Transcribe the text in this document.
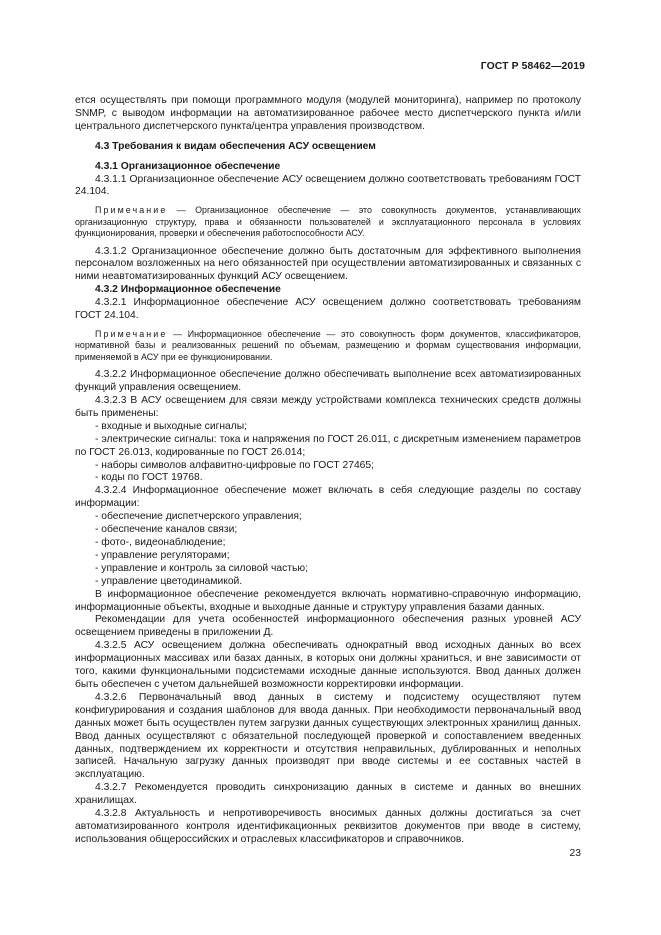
ГОСТ Р 58462—2019

ется осуществлять при помощи программного модуля (модулей мониторинга), например по протоколу SNMP, с выводом информации на автоматизированное рабочее место диспетчерского пункта и/или центрального диспетчерского пункта/центра управления производством.

4.3 Требования к видам обеспечения АСУ освещением

4.3.1 Организационное обеспечение

4.3.1.1 Организационное обеспечение АСУ освещением должно соответствовать требованиям ГОСТ 24.104.

Примечание — Организационное обеспечение — это совокупность документов, устанавливающих организационную структуру, права и обязанности пользователей и эксплуатационного персонала в условиях функционирования, проверки и обеспечения работоспособности АСУ.

4.3.1.2 Организационное обеспечение должно быть достаточным для эффективного выполнения персоналом возложенных на него обязанностей при осуществлении автоматизированных и связанных с ними неавтоматизированных функций АСУ освещением.

4.3.2 Информационное обеспечение

4.3.2.1 Информационное обеспечение АСУ освещением должно соответствовать требованиям ГОСТ 24.104.

Примечание — Информационное обеспечение — это совокупность форм документов, классификаторов, нормативной базы и реализованных решений по объемам, размещению и формам существования информации, применяемой в АСУ при ее функционировании.

4.3.2.2 Информационное обеспечение должно обеспечивать выполнение всех автоматизированных функций управления освещением.

4.3.2.3 В АСУ освещением для связи между устройствами комплекса технических средств должны быть применены:

- входные и выходные сигналы;

- электрические сигналы: тока и напряжения по ГОСТ 26.011, с дискретным изменением параметров по ГОСТ 26.013, кодированные по ГОСТ 26.014;

- наборы символов алфавитно-цифровые по ГОСТ 27465;

- коды по ГОСТ 19768.

4.3.2.4 Информационное обеспечение может включать в себя следующие разделы по составу информации:

- обеспечение диспетчерского управления;

- обеспечение каналов связи;

- фото-, видеонаблюдение;

- управление регуляторами;

- управление и контроль за силовой частью;

- управление цветодинамикой.

В информационное обеспечение рекомендуется включать нормативно-справочную информацию, информационные объекты, входные и выходные данные и структуру управления базами данных.

Рекомендации для учета особенностей информационного обеспечения разных уровней АСУ освещением приведены в приложении Д.

4.3.2.5 АСУ освещением должна обеспечивать однократный ввод исходных данных во всех информационных массивах или базах данных, в которых они должны храниться, и вне зависимости от того, какими функциональными подсистемами исходные данные используются. Ввод данных должен быть обеспечен с учетом дальнейшей возможности корректировки информации.

4.3.2.6 Первоначальный ввод данных в систему и подсистему осуществляют путем конфигурирования и создания шаблонов для ввода данных. При необходимости первоначальный ввод данных может быть осуществлен путем загрузки данных существующих электронных хранилищ данных. Ввод данных осуществляют с обязательной последующей проверкой и сопоставлением введенных данных, подтверждением их корректности и отсутствия неправильных, дублированных и неполных записей. Начальную загрузку данных производят при вводе системы и ее составных частей в эксплуатацию.

4.3.2.7 Рекомендуется проводить синхронизацию данных в системе и данных во внешних хранилищах.

4.3.2.8 Актуальность и непротиворечивость вносимых данных должны достигаться за счет автоматизированного контроля идентификационных реквизитов документов при вводе в систему, использования общероссийских и отраслевых классификаторов и справочников.

23
